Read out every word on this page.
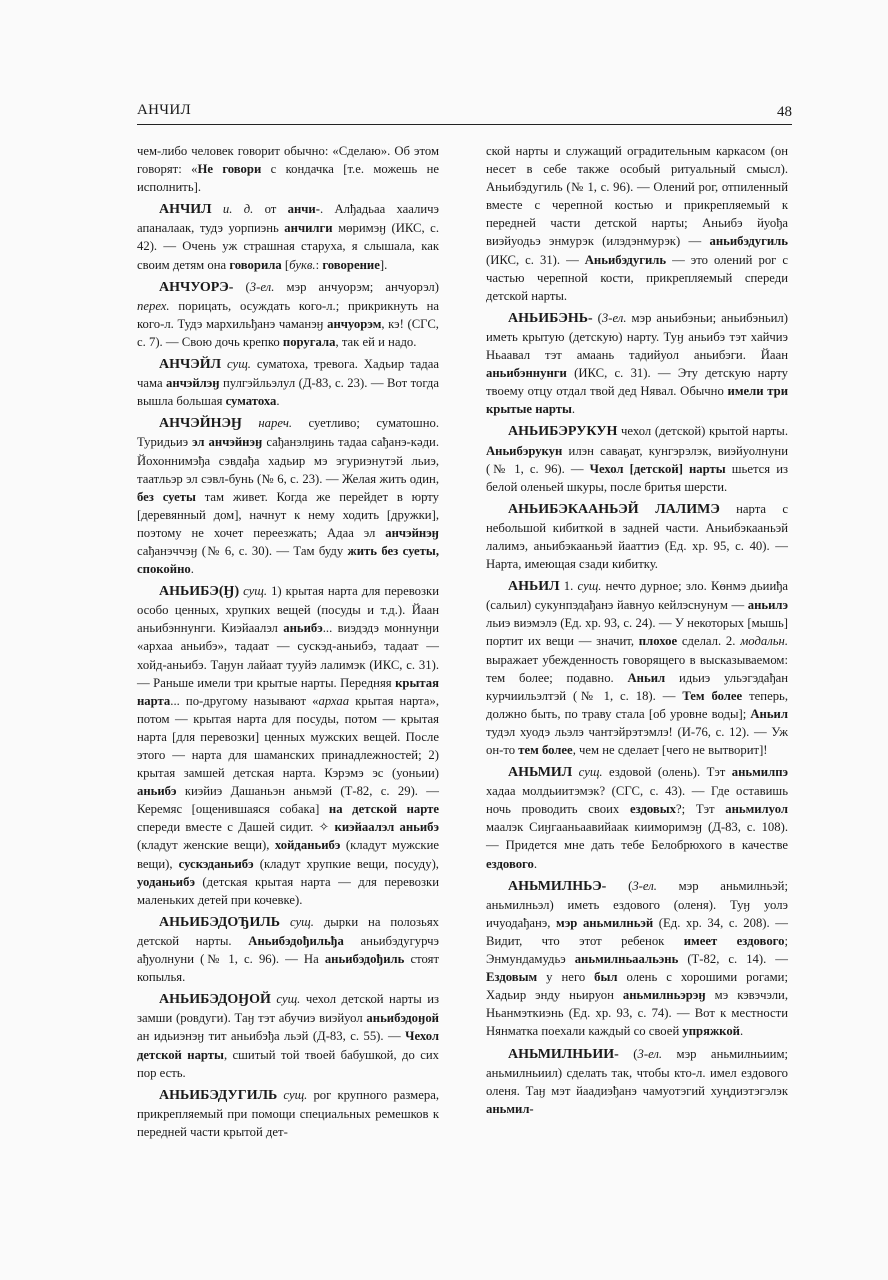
АНЧИЛ	48

чем-либо человек говорит обычно: «Сделаю». Об этом говорят: «Не говори с кондачка [т.е. можешь не исполнить].

АНЧИЛ и. д. от анчи-. Алђадьаа хааличэ апаналаак, тудэ уорпиэнь анчилги мөримэӈ (ИКС, с. 42). — Очень уж страшная старуха, я слышала, как своим детям она говорила [букв.: говорение].

АНЧУОРЭ- (3-ел. мэр анчуорэм; анчуорэл) перех. порицать, осуждать кого-л.; прикрикнуть на кого-л. Тудэ мархильђанэ чаманэӈ анчуорэм, кэ! (СГС, с. 7). — Свою дочь крепко поругала, так ей и надо.

АНЧЭЙЛ сущ. суматоха, тревога. Хадьир тадаа чама анчэйлэӈ пулгэйльэлул (Д-83, с. 23). — Вот тогда вышла большая суматоха.

АНЧЭЙНЭӇ нареч. суетливо; суматошно. Туридьиэ эл анчэйнэӈ сађанэлӈинь тадаа сађанэ-кәди. Йохоннимэђа сэвдађа хадьир мэ эгуриэнутэй льиэ, таатльэр эл сэвл-бунь (№ 6, с. 23). — Желая жить один, без суеты там живет. Когда же перейдет в юрту [деревянный дом], начнут к нему ходить [дружки], поэтому не хочет переезжать; Адаа эл анчэйнэӈ сађанэччэӈ (№ 6, с. 30). — Там буду жить без суеты, спокойно.

АНЬИБЭ(Ӈ) сущ. 1) крытая нарта для перевозки особо ценных, хрупких вещей (посуды и т.д.). Йаан аньибэннунги. Киэйаалэл аньибэ... виэдэдэ моннунӈи «архаа аньибэ», тадаат — сускэд-аньибэ, тадаат — хойд-аньибэ. Таӈун лайаат тууйэ лалимэк (ИКС, с. 31). — Раньше имели три крытые нарты. Передняя крытая нарта... по-другому называют «архаа крытая нарта», потом — крытая нарта для посуды, потом — крытая нарта [для перевозки] ценных мужских вещей. После этого — нарта для шаманских принадлежностей; 2) крытая замшей детская нарта. Кэрэмэ эс (уоньии) аньибэ киэйиэ Дашаньэн аньмэй (Т-82, с. 29). — Керемяс [ощенившаяся собака] на детской нарте спереди вместе с Дашей сидит. ✧ киэйаалэл аньибэ (кладут женские вещи), хойданьибэ (кладут мужские вещи), сускэданьибэ (кладут хрупкие вещи, посуду), уоданьибэ (детская крытая нарта — для перевозки маленьких детей при кочевке).

АНЬИБЭДОЂИЛЬ сущ. дырки на полозьях детской нарты. Аньибэдођильђа аньибэдугурчэ ађуолнуни (№ 1, с. 96). — На аньибэдођиль стоят копылья.

АНЬИБЭДОӇОЙ сущ. чехол детской нарты из замши (ровдуги). Таӈ тэт абучиэ виэйуол аньибэдоӈой ан идьиэнэӈ тит аньибэђа льэй (Д-83, с. 55). — Чехол детской нарты, сшитый той твоей бабушкой, до сих пор есть.

АНЬИБЭДУГИЛЬ сущ. рог крупного размера, прикрепляемый при помощи специальных ремешков к передней части крытой дет-

ской нарты и служащий оградительным каркасом (он несет в себе также особый ритуальный смысл). Аньибэдугиль (№ 1, с. 96). — Олений рог, отпиленный вместе с черепной костью и прикрепляемый к передней части детской нарты; Аньибэ йуођа виэйуодьэ энмурэк (илэдэнмурэк) — аньибэдугиль (ИКС, с. 31). — Аньибэдугиль — это олений рог с частью черепной кости, прикрепляемый спереди детской нарты.

АНЬИБЭНЬ- (3-ел. мэр аньибэньи; аньибэньил) иметь крытую (детскую) нарту. Туӈ аньибэ тэт хайчиэ Ньаавал тэт амаань тадийуол аньибэги. Йаан аньибэннунги (ИКС, с. 31). — Эту детскую нарту твоему отцу отдал твой дед Нявал. Обычно имели три крытые нарты.

АНЬИБЭРУКУН чехол (детской) крытой нарты. Аньибэрукун илэн саваҕат, кунгэрэлэк, виэйуолнуни (№ 1, с. 96). — Чехол [детской] нарты шьется из белой оленьей шкуры, после бритья шерсти.

АНЬИБЭКААНЬЭЙ ЛАЛИМЭ нарта с небольшой кибиткой в задней части. Аньибэкааньэй лалимэ, аньибэкааньэй йааттиэ (Ед. хр. 95, с. 40). — Нарта, имеющая сзади кибитку.

АНЬИЛ 1. сущ. нечто дурное; зло. Көнмэ дьииђа (сальил) сукунпэдађанэ йавнуо кейлэснунум — аньилэ льиэ виэмэлэ (Ед. хр. 93, с. 24). — У некоторых [мышь] портит их вещи — значит, плохое сделал. 2. модальн. выражает убежденность говорящего в высказываемом: тем более; подавно. Аньил идьиэ ульэгэдађан курчиильэлтэй (№ 1, с. 18). — Тем более теперь, должно быть, по траву стала [об уровне воды]; Аньил тудэл хуодэ льэлэ чантэйрэтэмлэ! (И-76, с. 12). — Уж он-то тем более, чем не сделает [чего не вытворит]!

АНЬМИЛ сущ. ездовой (олень). Тэт аньмилпэ хадаа молдьиитэмэк? (СГС, с. 43). — Где оставишь ночь проводить своих ездовых?; Тэт аньмилуол маалэк Сиӈгааньаавийаак кииморимэӈ (Д-83, с. 108). — Придется мне дать тебе Белобрюхого в качестве ездового.

АНЬМИЛНЬЭ- (3-ел. мэр аньмилньэй; аньмилньэл) иметь ездового (оленя). Туӈ уолэ ичуодађанэ, мэр аньмилньэй (Ед. хр. 34, с. 208). — Видит, что этот ребенок имеет ездового; Энмундамудьэ аньмилньаальэнь (Т-82, с. 14). — Ездовым у него был олень с хорошими рогами; Хадьир энду ньируон аньмилньэрэӈ мэ кэвэчэли, Ньанмэткиэнь (Ед. хр. 93, с. 74). — Вот к местности Нянматка поехали каждый со своей упряжкой.

АНЬМИЛНЬИИ- (3-ел. мэр аньмилньиим; аньмилньиил) сделать так, чтобы кто-л. имел ездового оленя. Таӈ мэт йаадиэђанэ чамуотэгий хуңдиэтэгэлэк аньмил-
